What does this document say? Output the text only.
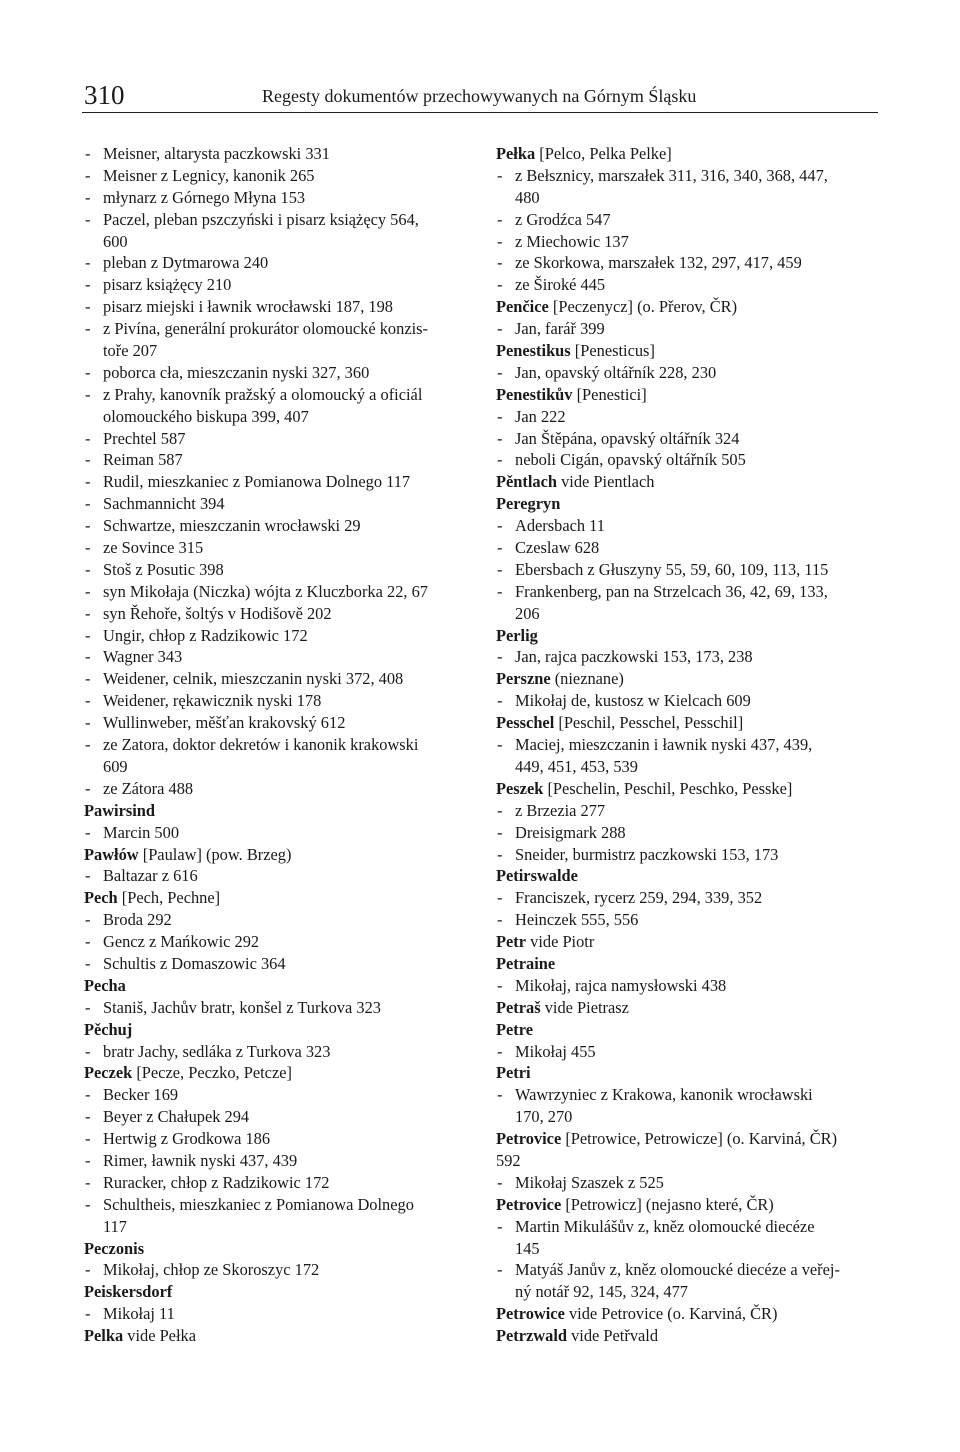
310	Regesty dokumentów przechowywanych na Górnym Śląsku
- Meisner, altarysta paczkowski 331
- Meisner z Legnicy, kanonik 265
- młynarz z Górnego Młyna 153
- Paczel, pleban pszczyński i pisarz książęcy 564,
600
- pleban z Dytmarowa 240
- pisarz książęcy 210
- pisarz miejski i ławnik wrocławski 187, 198
- z Pivína, generální prokurátor olomoucké konzis-
toře 207
- poborca cła, mieszczanin nyski 327, 360
- z Prahy, kanovník pražský a olomoucký a oficiál
olomouckého biskupa 399, 407
- Prechtel 587
- Reiman 587
- Rudil, mieszkaniec z Pomianowa Dolnego 117
- Sachmannicht 394
- Schwartze, mieszczanin wrocławski 29
- ze Sovince 315
- Stoš z Posutic 398
- syn Mikołaja (Niczka) wójta z Kluczborka 22, 67
- syn Řehoře, šoltýs v Hodišově 202
- Ungir, chłop z Radzikowic 172
- Wagner 343
- Weidener, celnik, mieszczanin nyski 372, 408
- Weidener, rękawicznik nyski 178
- Wullinweber, měšťan krakovský 612
- ze Zatora, doktor dekretów i kanonik krakowski
609
- ze Zátora 488
Pawirsind
- Marcin 500
Pawłów [Paulaw] (pow. Brzeg)
- Baltazar z 616
Pech [Pech, Pechne]
- Broda 292
- Gencz z Mańkowic 292
- Schultis z Domaszowic 364
Pecha
- Staniš, Jachův bratr, konšel z Turkova 323
Pěchuj
- bratr Jachy, sedláka z Turkova 323
Peczek [Pecze, Peczko, Petcze]
- Becker 169
- Beyer z Chałupek 294
- Hertwig z Grodkowa 186
- Rimer, ławnik nyski 437, 439
- Ruracker, chłop z Radzikowic 172
- Schultheis, mieszkaniec z Pomianowa Dolnego
117
Peczonis
- Mikołaj, chłop ze Skoroszyc 172
Peiskersdorf
- Mikołaj 11
Pelka vide Pełka
Pełka [Pelco, Pelka Pelke]
- z Bełsznicy, marszałek 311, 316, 340, 368, 447,
480
- z Grodźca 547
- z Miechowic 137
- ze Skorkowa, marszałek 132, 297, 417, 459
- ze Široké 445
Penčice [Peczenycz] (o. Přerov, ČR)
- Jan, farář 399
Penestikus [Penesticus]
- Jan, opavský oltářník 228, 230
Penestikův [Penestici]
- Jan 222
- Jan Štěpána, opavský oltářník 324
- neboli Cigán, opavský oltářník 505
Pěntlach vide Pientlach
Peregryn
- Adersbach 11
- Czeslaw 628
- Ebersbach z Głuszyny 55, 59, 60, 109, 113, 115
- Frankenberg, pan na Strzelcach 36, 42, 69, 133,
206
Perlig
- Jan, rajca paczkowski 153, 173, 238
Perszne (nieznane)
- Mikołaj de, kustosz w Kielcach 609
Pesschel [Peschil, Pesschel, Pesschil]
- Maciej, mieszczanin i ławnik nyski 437, 439,
449, 451, 453, 539
Peszek [Peschelin, Peschil, Peschko, Pesske]
- z Brzezia 277
- Dreisigmark 288
- Sneider, burmistrz paczkowski 153, 173
Petirswalde
- Franciszek, rycerz 259, 294, 339, 352
- Heinczek 555, 556
Petr vide Piotr
Petraine
- Mikołaj, rajca namysłowski 438
Petraš vide Pietrasz
Petre
- Mikołaj 455
Petri
- Wawrzyniec z Krakowa, kanonik wrocławski
170, 270
Petrovice [Petrowice, Petrowicze] (o. Karviná, ČR)
592
- Mikołaj Szaszek z 525
Petrovice [Petrowicz] (nejasno které, ČR)
- Martin Mikulášův z, kněz olomoucké diecéze
145
- Matyáš Janův z, kněz olomoucké diecéze a veřej-
ný notář 92, 145, 324, 477
Petrowice vide Petrovice (o. Karviná, ČR)
Petrzwald vide Petřvald
